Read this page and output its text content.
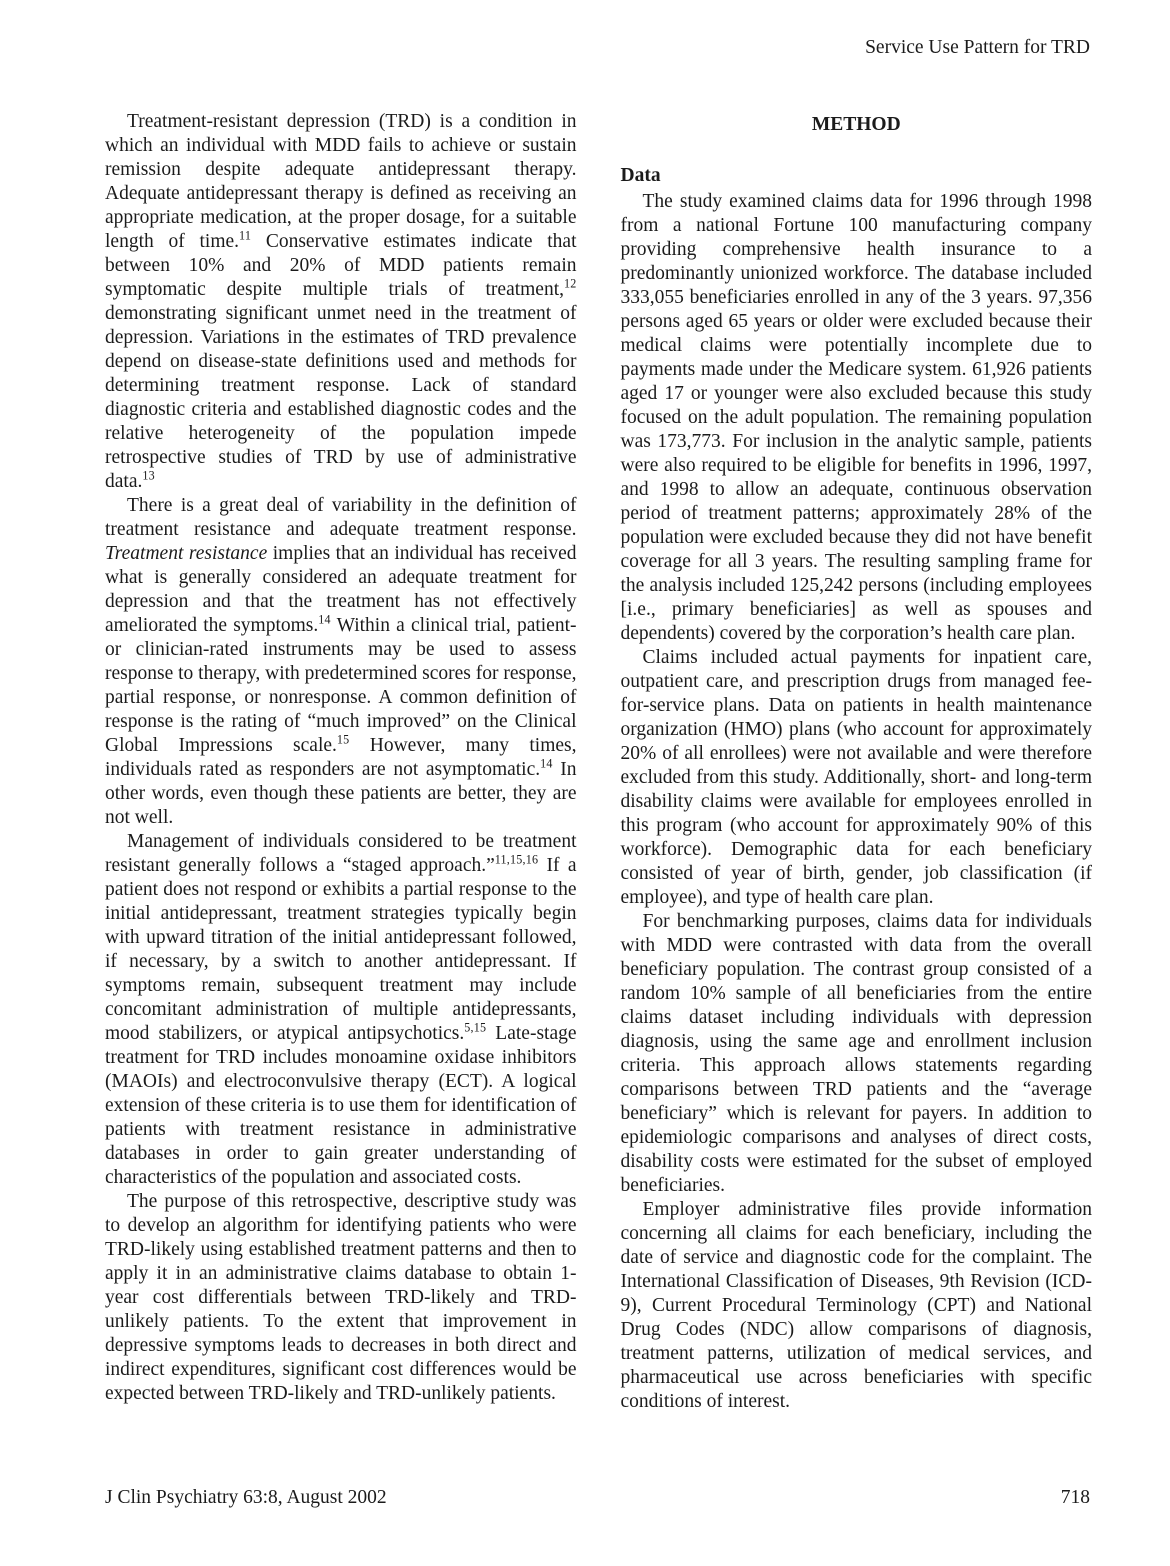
Service Use Pattern for TRD

Treatment-resistant depression (TRD) is a condition in which an individual with MDD fails to achieve or sustain remission despite adequate antidepressant therapy. Adequate antidepressant therapy is defined as receiving an appropriate medication, at the proper dosage, for a suitable length of time.$^{11}$ Conservative estimates indicate that between 10% and 20% of MDD patients remain symptomatic despite multiple trials of treatment,$^{12}$ demonstrating significant unmet need in the treatment of depression. Variations in the estimates of TRD prevalence depend on disease-state definitions used and methods for determining treatment response. Lack of standard diagnostic criteria and established diagnostic codes and the relative heterogeneity of the population impede retrospective studies of TRD by use of administrative data.$^{13}$

There is a great deal of variability in the definition of treatment resistance and adequate treatment response. Treatment resistance implies that an individual has received what is generally considered an adequate treatment for depression and that the treatment has not effectively ameliorated the symptoms.$^{14}$ Within a clinical trial, patient- or clinician-rated instruments may be used to assess response to therapy, with predetermined scores for response, partial response, or nonresponse. A common definition of response is the rating of “much improved” on the Clinical Global Impressions scale.$^{15}$ However, many times, individuals rated as responders are not asymptomatic.$^{14}$ In other words, even though these patients are better, they are not well.

Management of individuals considered to be treatment resistant generally follows a “staged approach.”$^{11,15,16}$ If a patient does not respond or exhibits a partial response to the initial antidepressant, treatment strategies typically begin with upward titration of the initial antidepressant followed, if necessary, by a switch to another antidepressant. If symptoms remain, subsequent treatment may include concomitant administration of multiple antidepressants, mood stabilizers, or atypical antipsychotics.$^{5,15}$ Late-stage treatment for TRD includes monoamine oxidase inhibitors (MAOIs) and electroconvulsive therapy (ECT). A logical extension of these criteria is to use them for identification of patients with treatment resistance in administrative databases in order to gain greater understanding of characteristics of the population and associated costs.

The purpose of this retrospective, descriptive study was to develop an algorithm for identifying patients who were TRD-likely using established treatment patterns and then to apply it in an administrative claims database to obtain 1-year cost differentials between TRD-likely and TRD-unlikely patients. To the extent that improvement in depressive symptoms leads to decreases in both direct and indirect expenditures, significant cost differences would be expected between TRD-likely and TRD-unlikely patients.

METHOD
Data

The study examined claims data for 1996 through 1998 from a national Fortune 100 manufacturing company providing comprehensive health insurance to a predominantly unionized workforce. The database included 333,055 beneficiaries enrolled in any of the 3 years. 97,356 persons aged 65 years or older were excluded because their medical claims were potentially incomplete due to payments made under the Medicare system. 61,926 patients aged 17 or younger were also excluded because this study focused on the adult population. The remaining population was 173,773. For inclusion in the analytic sample, patients were also required to be eligible for benefits in 1996, 1997, and 1998 to allow an adequate, continuous observation period of treatment patterns; approximately 28% of the population were excluded because they did not have benefit coverage for all 3 years. The resulting sampling frame for the analysis included 125,242 persons (including employees [i.e., primary beneficiaries] as well as spouses and dependents) covered by the corporation’s health care plan.

Claims included actual payments for inpatient care, outpatient care, and prescription drugs from managed fee-for-service plans. Data on patients in health maintenance organization (HMO) plans (who account for approximately 20% of all enrollees) were not available and were therefore excluded from this study. Additionally, short- and long-term disability claims were available for employees enrolled in this program (who account for approximately 90% of this workforce). Demographic data for each beneficiary consisted of year of birth, gender, job classification (if employee), and type of health care plan.

For benchmarking purposes, claims data for individuals with MDD were contrasted with data from the overall beneficiary population. The contrast group consisted of a random 10% sample of all beneficiaries from the entire claims dataset including individuals with depression diagnosis, using the same age and enrollment inclusion criteria. This approach allows statements regarding comparisons between TRD patients and the “average beneficiary” which is relevant for payers. In addition to epidemiologic comparisons and analyses of direct costs, disability costs were estimated for the subset of employed beneficiaries.

Employer administrative files provide information concerning all claims for each beneficiary, including the date of service and diagnostic code for the complaint. The International Classification of Diseases, 9th Revision (ICD-9), Current Procedural Terminology (CPT) and National Drug Codes (NDC) allow comparisons of diagnosis, treatment patterns, utilization of medical services, and pharmaceutical use across beneficiaries with specific conditions of interest.

J Clin Psychiatry 63:8, August 2002	718
